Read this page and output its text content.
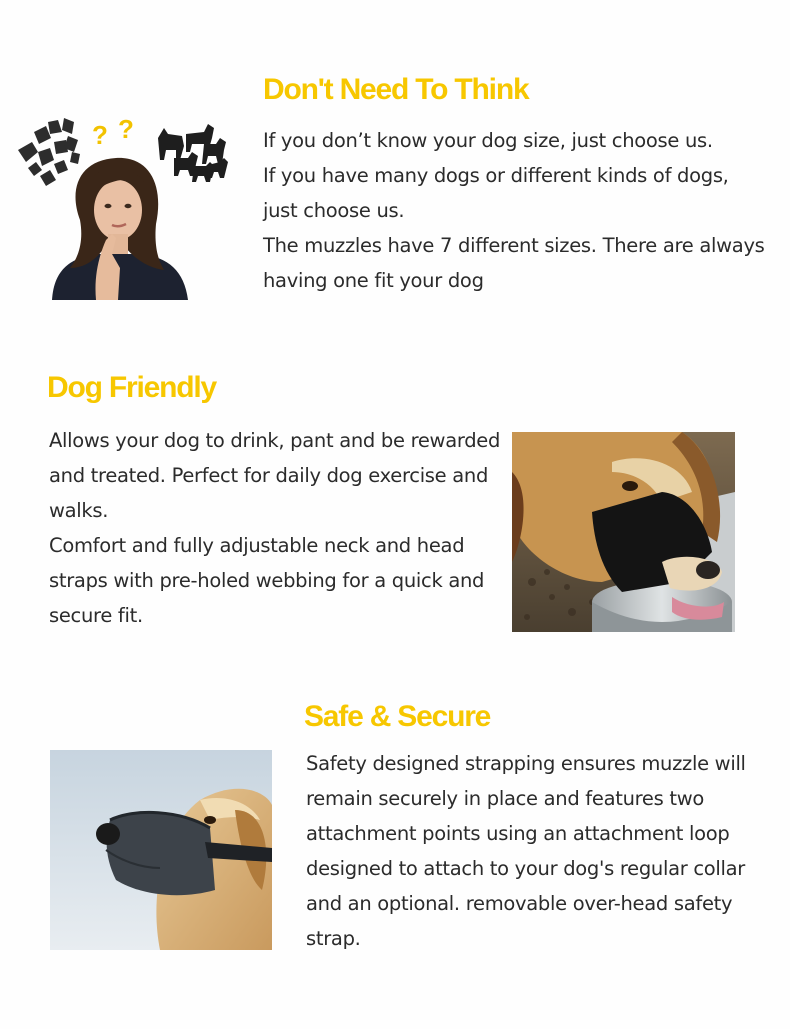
Don't Need To Think
If you don’t know your dog size, just choose us.
If you have many dogs or different kinds of dogs,
just choose us.
The muzzles have 7 different sizes. There are always
having one fit your dog
? ?
Dog Friendly
Allows your dog to drink, pant and be rewarded
and treated. Perfect for daily dog exercise and
walks.
Comfort and fully adjustable neck and head
straps with pre-holed webbing for a quick and
secure fit.
Safe & Secure
Safety designed strapping ensures muzzle will
remain securely in place and features two
attachment points using an attachment loop
designed to attach to your dog's regular collar
and an optional. removable over-head safety
strap.
